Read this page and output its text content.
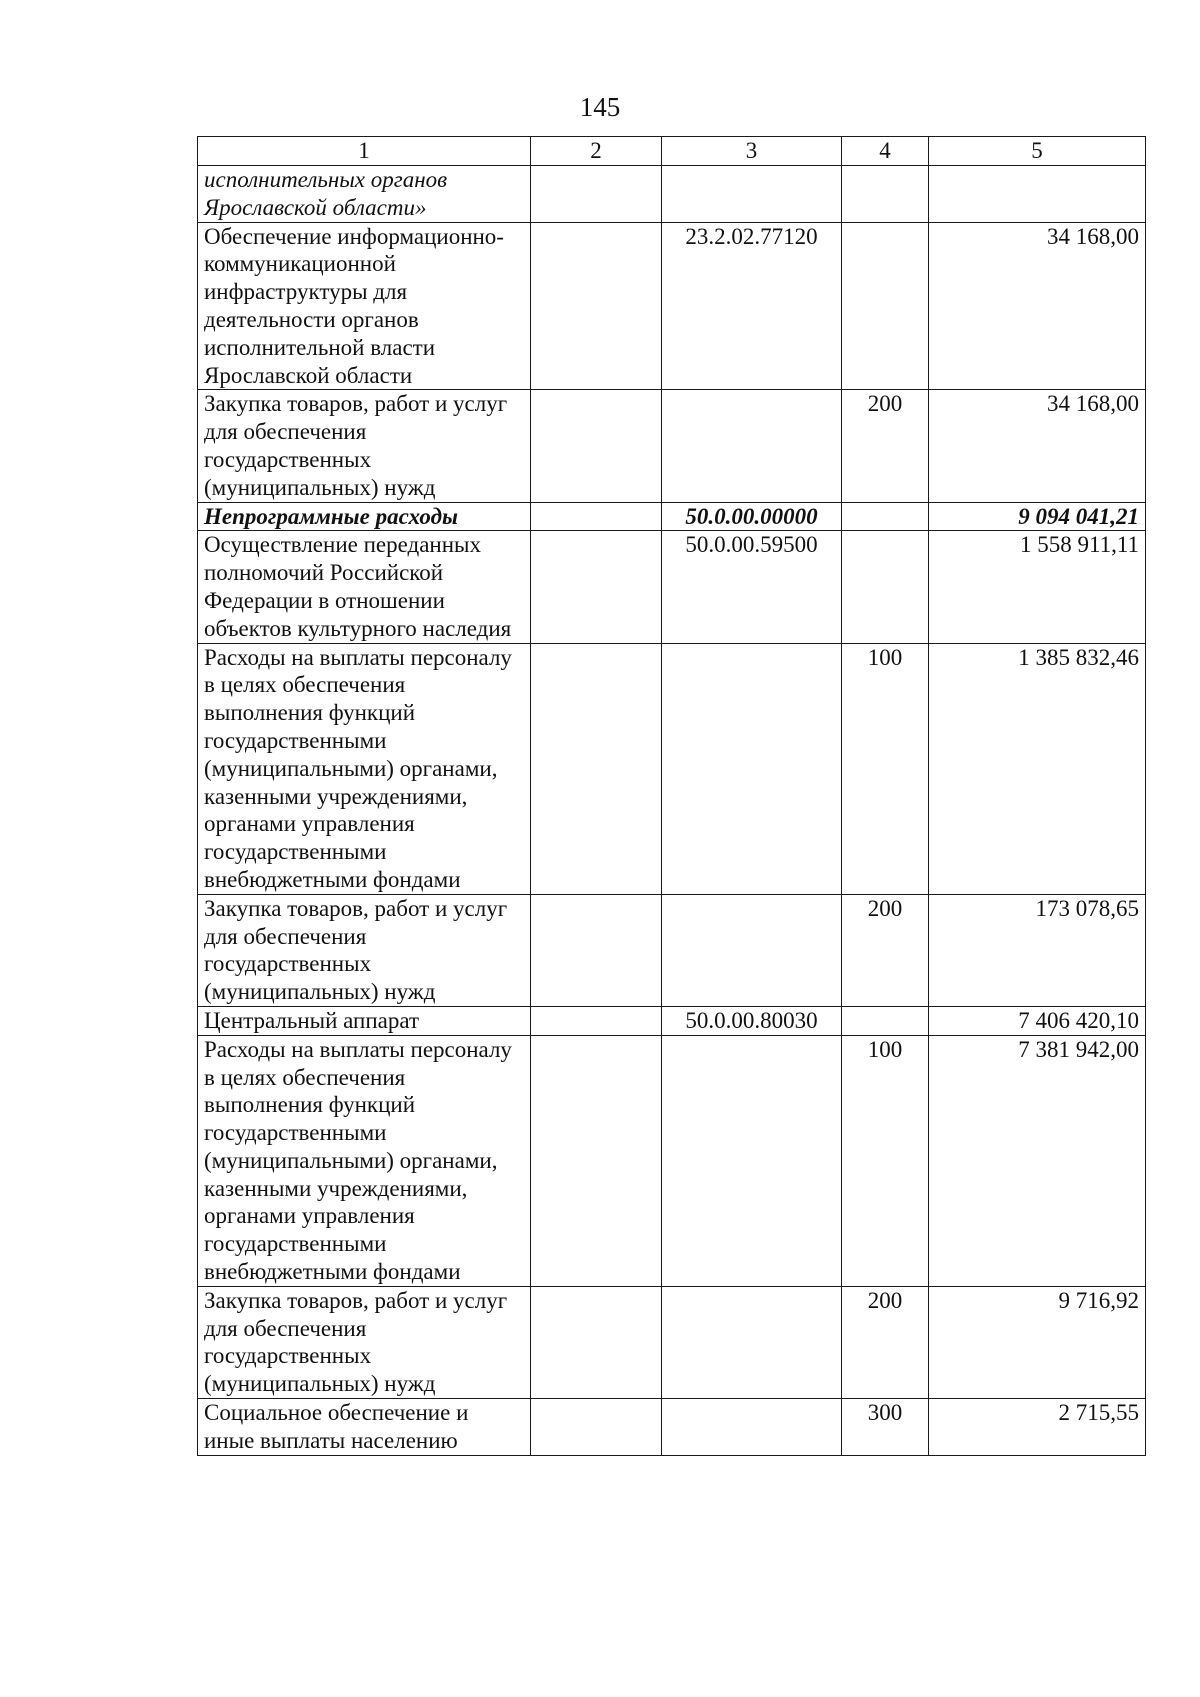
145
1	2	3	4	5
исполнительных органов Ярославской области»				
Обеспечение информационно-коммуникационной инфраструктуры для деятельности органов исполнительной власти Ярославской области		23.2.02.77120		34 168,00
Закупка товаров, работ и услуг для обеспечения государственных (муниципальных) нужд			200	34 168,00
Непрограммные расходы		50.0.00.00000		9 094 041,21
Осуществление переданных полномочий Российской Федерации в отношении объектов культурного наследия		50.0.00.59500		1 558 911,11
Расходы на выплаты персоналу в целях обеспечения выполнения функций государственными (муниципальными) органами, казенными учреждениями, органами управления государственными внебюджетными фондами			100	1 385 832,46
Закупка товаров, работ и услуг для обеспечения государственных (муниципальных) нужд			200	173 078,65
Центральный аппарат		50.0.00.80030		7 406 420,10
Расходы на выплаты персоналу в целях обеспечения выполнения функций государственными (муниципальными) органами, казенными учреждениями, органами управления государственными внебюджетными фондами			100	7 381 942,00
Закупка товаров, работ и услуг для обеспечения государственных (муниципальных) нужд			200	9 716,92
Социальное обеспечение и иные выплаты населению			300	2 715,55
